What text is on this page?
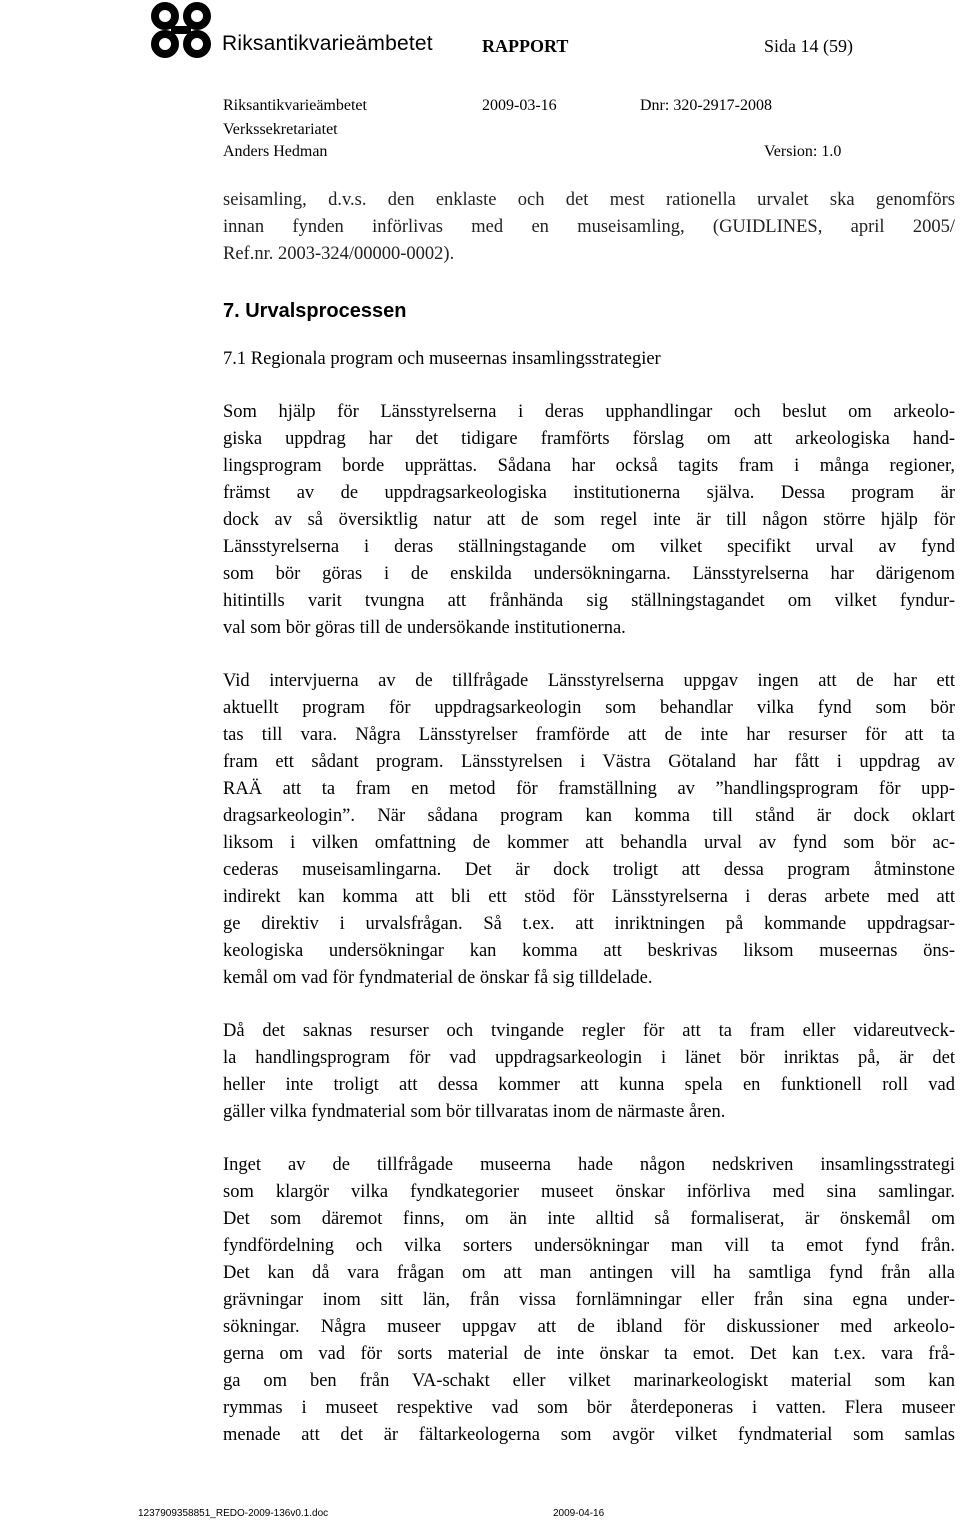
Riksantikvarieämbetet	RAPPORT	Sida 14 (59)
Riksantikvarieämbetet
Verkssekretariatet
Anders Hedman
2009-03-16	Dnr: 320-2917-2008
Version: 1.0

seisamling, d.v.s. den enklaste och det mest rationella urvalet ska genomförs
innan fynden införlivas med en museisamling, (GUIDLINES, april 2005/
Ref.nr. 2003-324/00000-0002).

7. Urvalsprocessen

7.1 Regionala program och museernas insamlingsstrategier

Som hjälp för Länsstyrelserna i deras upphandlingar och beslut om arkeolo-
giska uppdrag har det tidigare framförts förslag om att arkeologiska hand-
lingsprogram borde upprättas. Sådana har också tagits fram i många regioner,
främst av de uppdragsarkeologiska institutionerna själva. Dessa program är
dock av så översiktlig natur att de som regel inte är till någon större hjälp för
Länsstyrelserna i deras ställningstagande om vilket specifikt urval av fynd
som bör göras i de enskilda undersökningarna. Länsstyrelserna har därigenom
hitintills varit tvungna att frånhända sig ställningstagandet om vilket fyndur-
val som bör göras till de undersökande institutionerna.

Vid intervjuerna av de tillfrågade Länsstyrelserna uppgav ingen att de har ett
aktuellt program för uppdragsarkeologin som behandlar vilka fynd som bör
tas till vara. Några Länsstyrelser framförde att de inte har resurser för att ta
fram ett sådant program. Länsstyrelsen i Västra Götaland har fått i uppdrag av
RAÄ att ta fram en metod för framställning av ”handlingsprogram för upp-
dragsarkeologin”. När sådana program kan komma till stånd är dock oklart
liksom i vilken omfattning de kommer att behandla urval av fynd som bör ac-
cederas museisamlingarna. Det är dock troligt att dessa program åtminstone
indirekt kan komma att bli ett stöd för Länsstyrelserna i deras arbete med att
ge direktiv i urvalsfrågan. Så t.ex. att inriktningen på kommande uppdragsar-
keologiska undersökningar kan komma att beskrivas liksom museernas öns-
kemål om vad för fyndmaterial de önskar få sig tilldelade.

Då det saknas resurser och tvingande regler för att ta fram eller vidareutveck-
la handlingsprogram för vad uppdragsarkeologin i länet bör inriktas på, är det
heller inte troligt att dessa kommer att kunna spela en funktionell roll vad
gäller vilka fyndmaterial som bör tillvaratas inom de närmaste åren.

Inget av de tillfrågade museerna hade någon nedskriven insamlingsstrategi
som klargör vilka fyndkategorier museet önskar införliva med sina samlingar.
Det som däremot finns, om än inte alltid så formaliserat, är önskemål om
fyndfördelning och vilka sorters undersökningar man vill ta emot fynd från.
Det kan då vara frågan om att man antingen vill ha samtliga fynd från alla
grävningar inom sitt län, från vissa fornlämningar eller från sina egna under-
sökningar. Några museer uppgav att de ibland för diskussioner med arkeolo-
gerna om vad för sorts material de inte önskar ta emot. Det kan t.ex. vara frå-
ga om ben från VA-schakt eller vilket marinarkeologiskt material som kan
rymmas i museet respektive vad som bör återdeponeras i vatten. Flera museer
menade att det är fältarkeologerna som avgör vilket fyndmaterial som samlas

1237909358851_REDO-2009-136v0.1.doc	2009-04-16
